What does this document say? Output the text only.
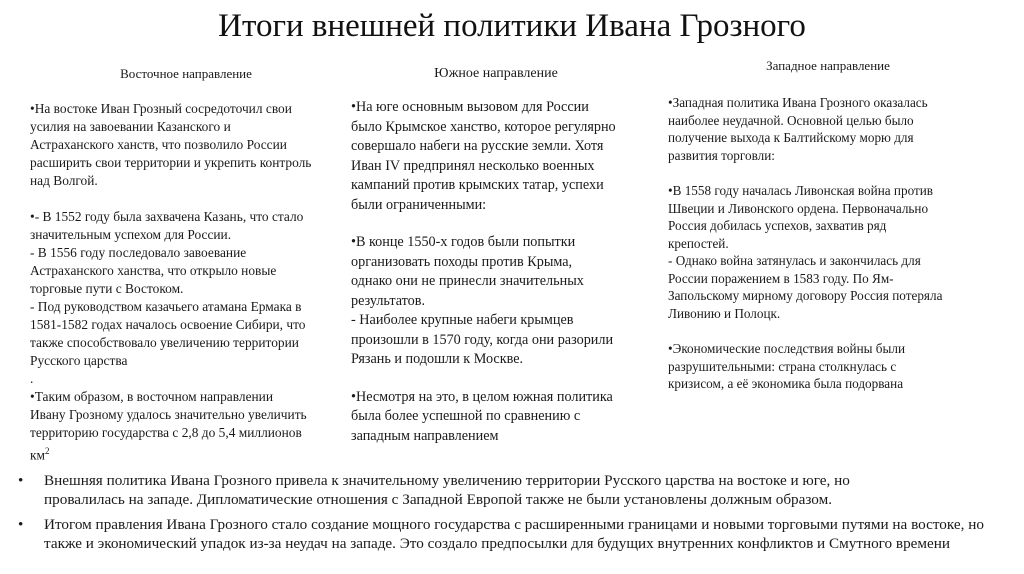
Итоги внешней политики Ивана Грозного
Восточное направление

•На востоке Иван Грозный сосредоточил свои
усилия на завоевании Казанского и
Астраханского ханств, что позволило России
расширить свои территории и укрепить контроль
над Волгой.

•- В 1552 году была захвачена Казань, что стало
значительным успехом для России.
- В 1556 году последовало завоевание
Астраханского ханства, что открыло новые
торговые пути с Востоком.
- Под руководством казачьего атамана Ермака в
1581-1582 годах началось освоение Сибири, что
также способствовало увеличению территории
Русского царства
.
•Таким образом, в восточном направлении
Ивану Грозному удалось значительно увеличить
территорию государства с 2,8 до 5,4 миллионов

$км^2$

Южное направление

•На юге основным вызовом для России
было Крымское ханство, которое регулярно
совершало набеги на русские земли. Хотя
Иван IV предпринял несколько военных
кампаний против крымских татар, успехи
были ограниченными:

•В конце 1550-х годов были попытки
организовать походы против Крыма,
однако они не принесли значительных
результатов.
- Наиболее крупные набеги крымцев
произошли в 1570 году, когда они разорили
Рязань и подошли к Москве.

•Несмотря на это, в целом южная политика
была более успешной по сравнению с
западным направлением

Западное направление

•Западная политика Ивана Грозного оказалась
наиболее неудачной. Основной целью было
получение выхода к Балтийскому морю для
развития торговли:

•В 1558 году началась Ливонская война против
Швеции и Ливонского ордена. Первоначально
Россия добилась успехов, захватив ряд
крепостей.
- Однако война затянулась и закончилась для
России поражением в 1583 году. По Ям-
Запольскому мирному договору Россия потеряла
Ливонию и Полоцк.

•Экономические последствия войны были
разрушительными: страна столкнулась с
кризисом, а её экономика была подорвана

• Внешняя политика Ивана Грозного привела к значительному увеличению территории Русского царства на востоке и юге, но
провалилась на западе. Дипломатические отношения с Западной Европой также не были установлены должным образом.
• Итогом правления Ивана Грозного стало создание мощного государства с расширенными границами и новыми торговыми путями на востоке, но
также и экономический упадок из-за неудач на западе. Это создало предпосылки для будущих внутренних конфликтов и Смутного времени
